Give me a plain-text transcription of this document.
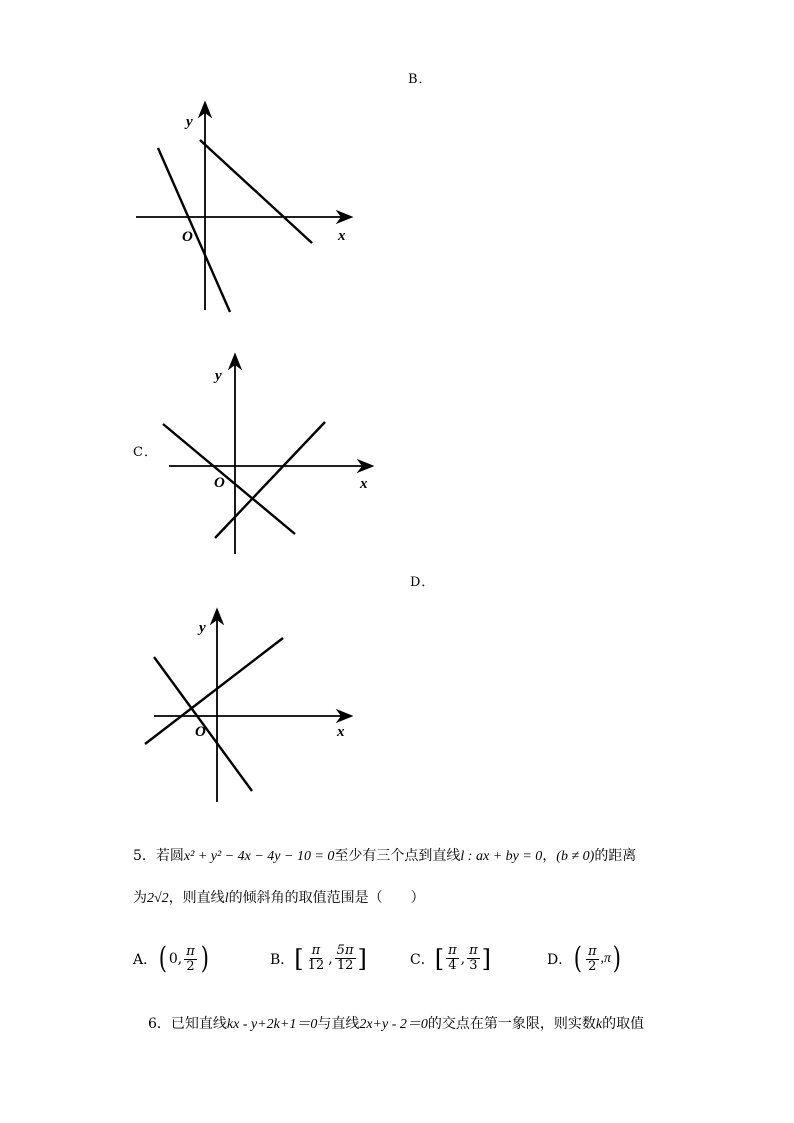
B．
y
x
O
C．
y
x
O
D．
y
x
O
5．若圆x² + y² − 4x − 4y − 10 = 0至少有三个点到直线l : ax + by = 0，(b ≠ 0)的距离
为2√2，则直线l的倾斜角的取值范围是（　　）
A． ( 0, $\frac{\pi}{2}$ )	B． [ $\frac{\pi}{12}$ , $\frac{5\pi}{12}$ ]	C． [ $\frac{\pi}{4}$ , $\frac{\pi}{3}$ ]	D． ( $\frac{\pi}{2} ,\pi$ )
6．已知直线kx - y+2k+1＝0与直线2x+y - 2＝0的交点在第一象限，则实数k的取值
